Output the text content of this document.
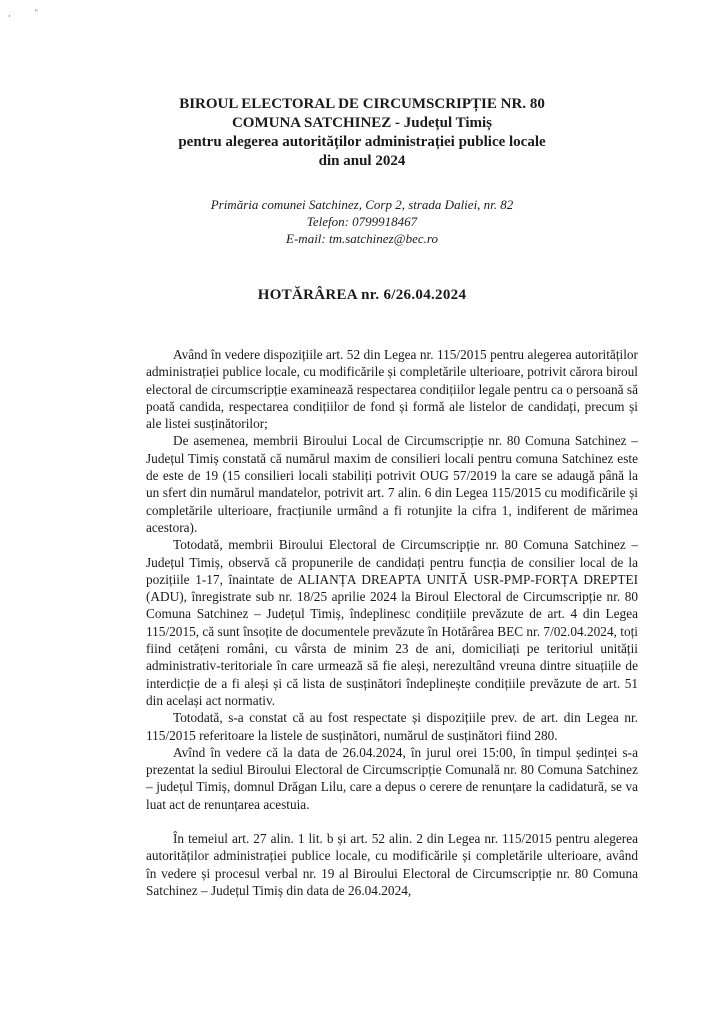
¸	"
BIROUL ELECTORAL DE CIRCUMSCRIPȚIE NR. 80
COMUNA SATCHINEZ - Județul Timiș
pentru alegerea autorităților administrației publice locale
din anul 2024
Primăria comunei Satchinez, Corp 2, strada Daliei, nr. 82
Telefon: 0799918467
E-mail: tm.satchinez@bec.ro
HOTĂRÂREA nr. 6/26.04.2024

Având în vedere dispozițiile art. 52 din Legea nr. 115/2015 pentru alegerea autorităților administrației publice locale, cu modificările și completările ulterioare, potrivit cărora biroul electoral de circumscripție examinează respectarea condițiilor legale pentru ca o persoană să poată candida, respectarea condițiilor de fond și formă ale listelor de candidați, precum și ale listei susținătorilor;

De asemenea, membrii Biroului Local de Circumscripție nr. 80 Comuna Satchinez – Județul Timiș constată că numărul maxim de consilieri locali pentru comuna Satchinez este de este de 19 (15 consilieri locali stabiliți potrivit OUG 57/2019 la care se adaugă până la un sfert din numărul mandatelor, potrivit art. 7 alin. 6 din Legea 115/2015 cu modificările și completările ulterioare, fracțiunile urmând a fi rotunjite la cifra 1, indiferent de mărimea acestora).

Totodată, membrii Biroului Electoral de Circumscripție nr. 80 Comuna Satchinez – Județul Timiș, observă că propunerile de candidați pentru funcția de consilier local de la pozițiile 1-17, înaintate de ALIANȚA DREAPTA UNITĂ USR-PMP-FORȚA DREPTEI (ADU), înregistrate sub nr. 18/25 aprilie 2024 la Biroul Electoral de Circumscripție nr. 80 Comuna Satchinez – Județul Timiș, îndeplinesc condițiile prevăzute de art. 4 din Legea 115/2015, că sunt însoțite de documentele prevăzute în Hotărârea BEC nr. 7/02.04.2024, toți fiind cetățeni români, cu vârsta de minim 23 de ani, domiciliați pe teritoriul unității administrativ-teritoriale în care urmează să fie aleși, nerezultând vreuna dintre situațiile de interdicție de a fi aleși și că lista de susținători îndeplinește condițiile prevăzute de art. 51 din același act normativ.

Totodată, s-a constat că au fost respectate și dispozițiile prev. de art. din Legea nr. 115/2015 referitoare la listele de susținători, numărul de susținători fiind 280.

Avînd în vedere că la data de 26.04.2024, în jurul orei 15:00, în timpul ședinței s-a prezentat la sediul Biroului Electoral de Circumscripție Comunală nr. 80 Comuna Satchinez – județul Timiș, domnul Drăgan Lilu, care a depus o cerere de renunțare la cadidatură, se va luat act de renunțarea acestuia.

În temeiul art. 27 alin. 1 lit. b și art. 52 alin. 2 din Legea nr. 115/2015 pentru alegerea autorităților administrației publice locale, cu modificările și completările ulterioare, având în vedere și procesul verbal nr. 19 al Biroului Electoral de Circumscripție nr. 80 Comuna Satchinez – Județul Timiș din data de 26.04.2024,
